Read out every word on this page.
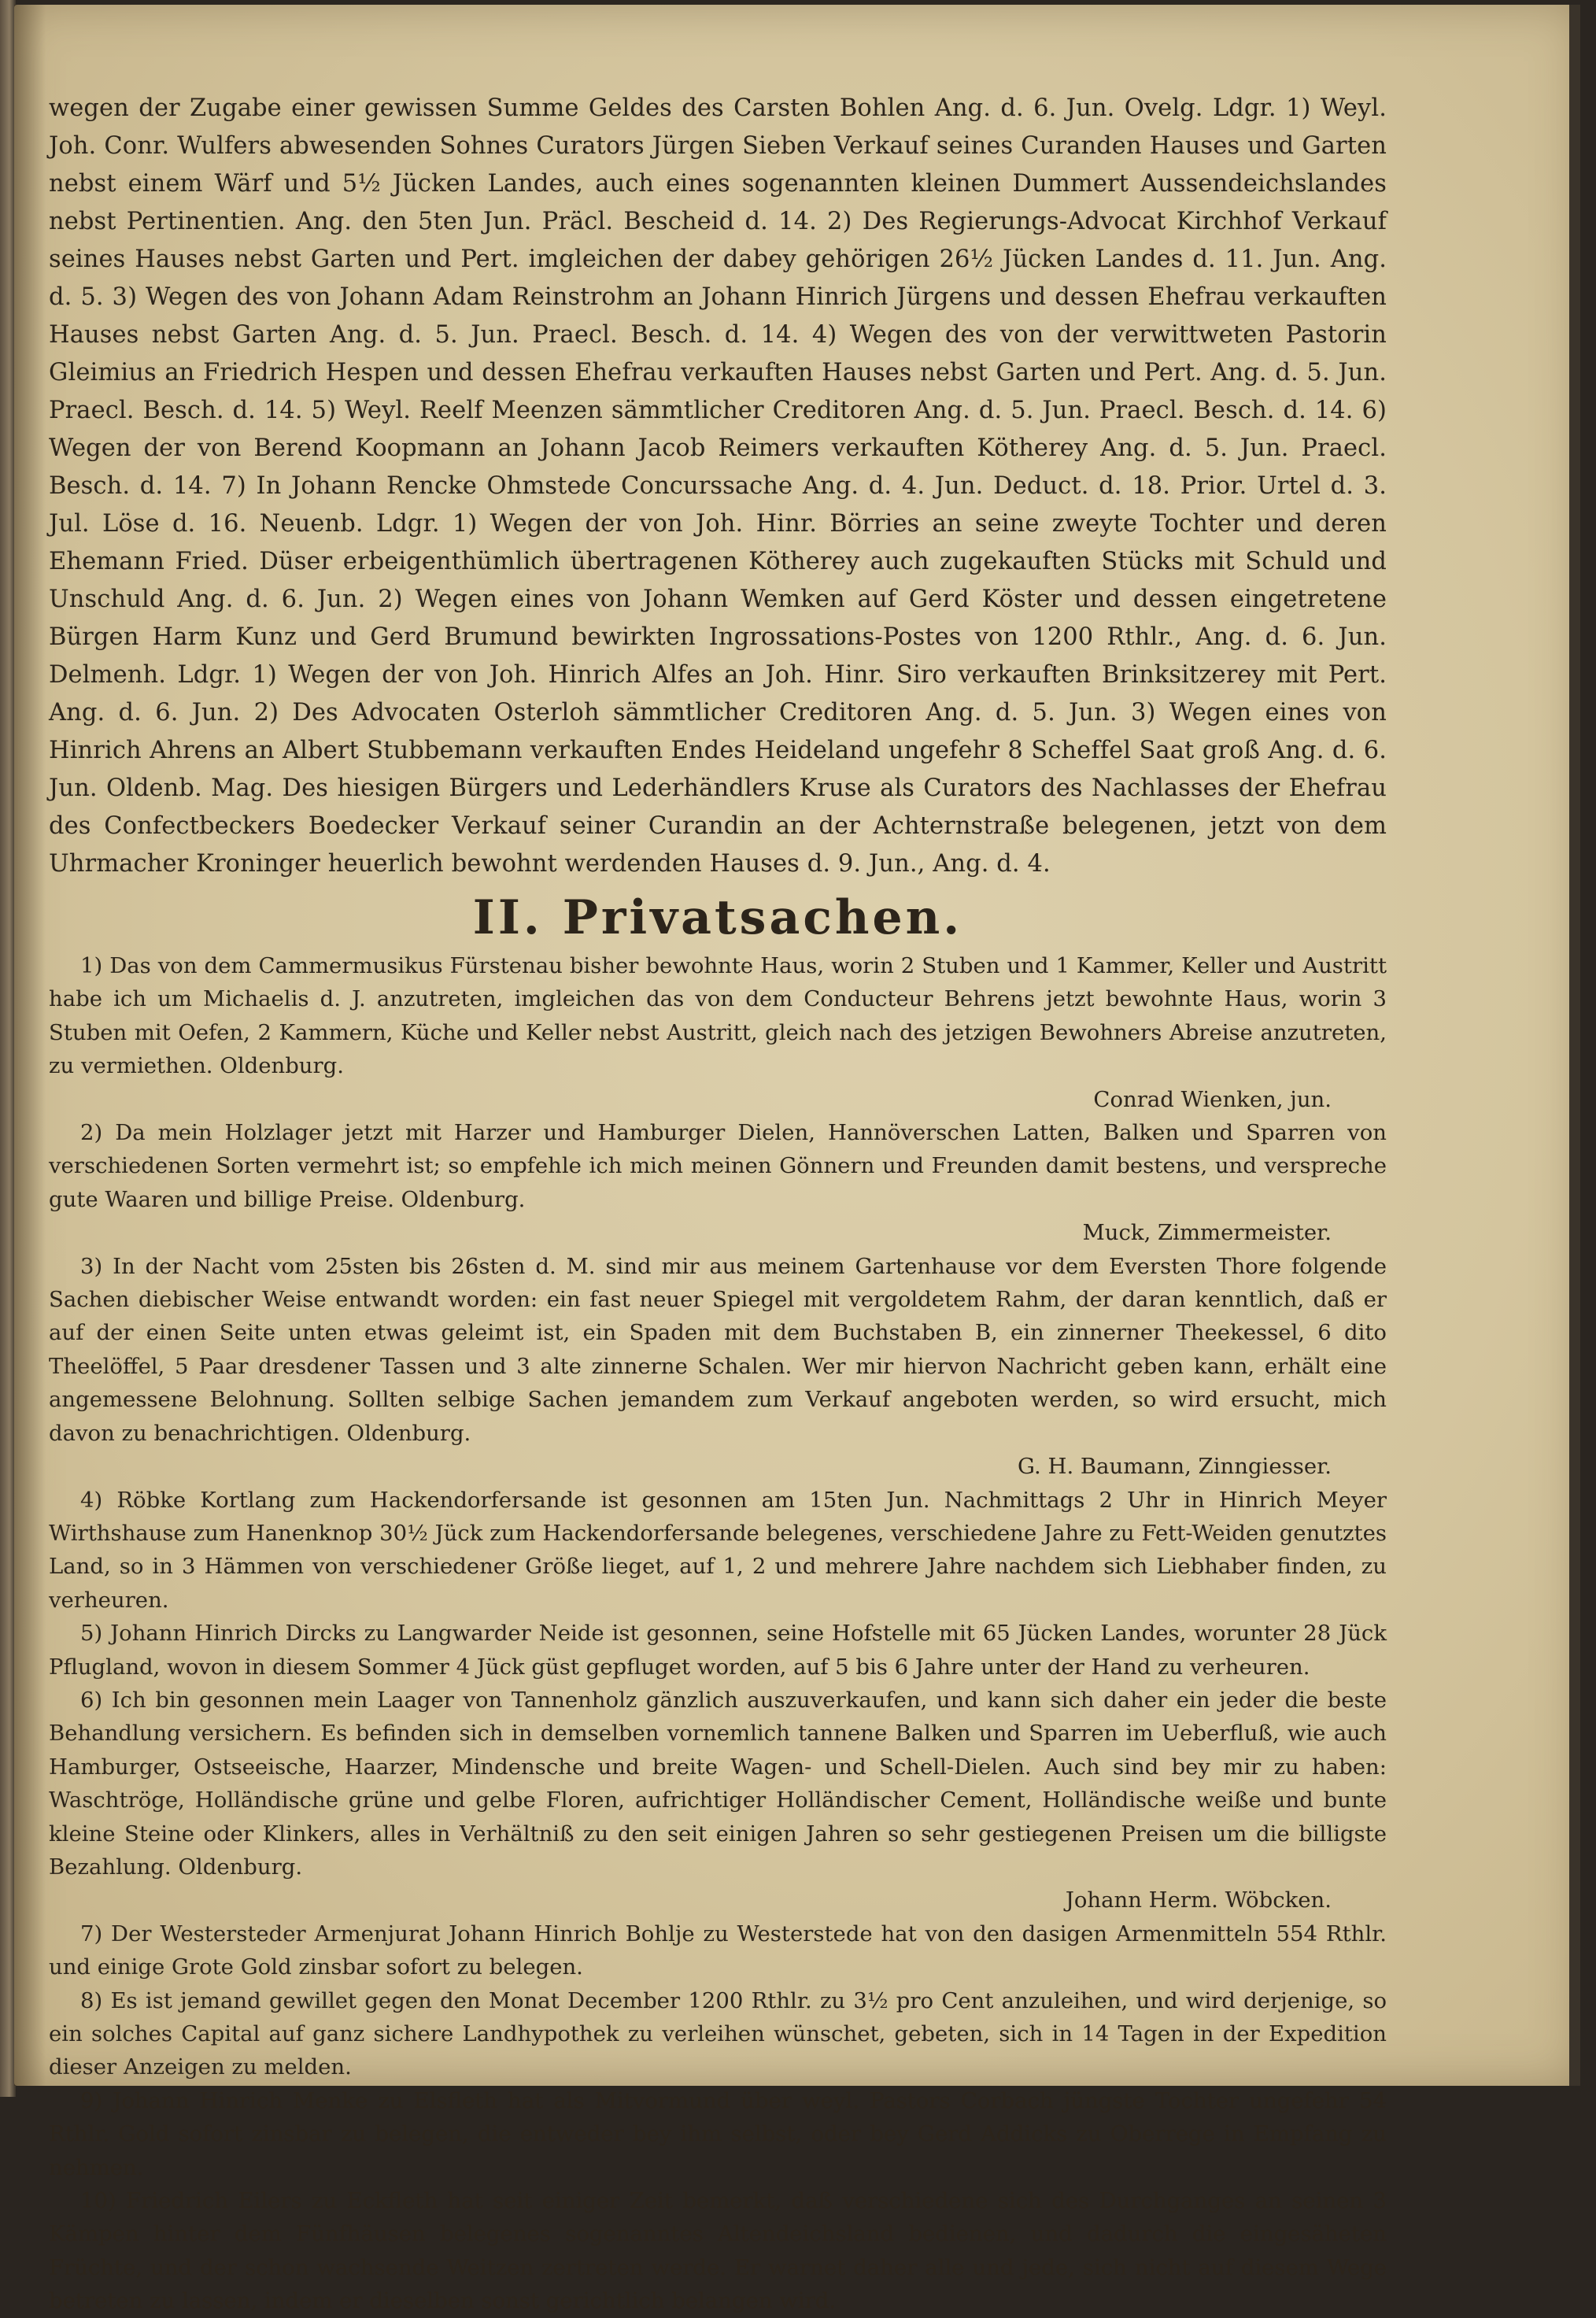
wegen der Zugabe einer gewissen Summe Geldes des Carsten Bohlen Ang. d. 6. Jun. Ovelg. Ldgr. 1) Weyl. Joh. Conr. Wulfers abwesenden Sohnes Curators Jürgen Sieben Verkauf seines Curanden Hauses und Garten nebst einem Wärf und 5½ Jücken Landes, auch eines sogenannten kleinen Dummert Aussendeichslandes nebst Pertinentien. Ang. den 5ten Jun. Präcl. Bescheid d. 14. 2) Des Regierungs-Advocat Kirchhof Verkauf seines Hauses nebst Garten und Pert. imgleichen der dabey gehörigen 26½ Jücken Landes d. 11. Jun. Ang. d. 5. 3) Wegen des von Johann Adam Reinstrohm an Johann Hinrich Jürgens und dessen Ehefrau verkauften Hauses nebst Garten Ang. d. 5. Jun. Praecl. Besch. d. 14. 4) Wegen des von der verwittweten Pastorin Gleimius an Friedrich Hespen und dessen Ehefrau verkauften Hauses nebst Garten und Pert. Ang. d. 5. Jun. Praecl. Besch. d. 14. 5) Weyl. Reelf Meenzen sämmtlicher Creditoren Ang. d. 5. Jun. Praecl. Besch. d. 14. 6) Wegen der von Berend Koopmann an Johann Jacob Reimers verkauften Kötherey Ang. d. 5. Jun. Praecl. Besch. d. 14. 7) In Johann Rencke Ohmstede Concurssache Ang. d. 4. Jun. Deduct. d. 18. Prior. Urtel d. 3. Jul. Löse d. 16. Neuenb. Ldgr. 1) Wegen der von Joh. Hinr. Börries an seine zweyte Tochter und deren Ehemann Fried. Düser erbeigenthümlich übertragenen Kötherey auch zugekauften Stücks mit Schuld und Unschuld Ang. d. 6. Jun. 2) Wegen eines von Johann Wemken auf Gerd Köster und dessen eingetretene Bürgen Harm Kunz und Gerd Brumund bewirkten Ingrossations-Postes von 1200 Rthlr., Ang. d. 6. Jun. Delmenh. Ldgr. 1) Wegen der von Joh. Hinrich Alfes an Joh. Hinr. Siro verkauften Brinksitzerey mit Pert. Ang. d. 6. Jun. 2) Des Advocaten Osterloh sämmtlicher Creditoren Ang. d. 5. Jun. 3) Wegen eines von Hinrich Ahrens an Albert Stubbemann verkauften Endes Heideland ungefehr 8 Scheffel Saat groß Ang. d. 6. Jun. Oldenb. Mag. Des hiesigen Bürgers und Lederhändlers Kruse als Curators des Nachlasses der Ehefrau des Confectbeckers Boedecker Verkauf seiner Curandin an der Achternstraße belegenen, jetzt von dem Uhrmacher Kroninger heuerlich bewohnt werdenden Hauses d. 9. Jun., Ang. d. 4.

II. Privatsachen.

1) Das von dem Cammermusikus Fürstenau bisher bewohnte Haus, worin 2 Stuben und 1 Kammer, Keller und Austritt habe ich um Michaelis d. J. anzutreten, imgleichen das von dem Conducteur Behrens jetzt bewohnte Haus, worin 3 Stuben mit Oefen, 2 Kammern, Küche und Keller nebst Austritt, gleich nach des jetzigen Bewohners Abreise anzutreten, zu vermiethen. Oldenburg.
Conrad Wienken, jun.

2) Da mein Holzlager jetzt mit Harzer und Hamburger Dielen, Hannöverschen Latten, Balken und Sparren von verschiedenen Sorten vermehrt ist; so empfehle ich mich meinen Gönnern und Freunden damit bestens, und verspreche gute Waaren und billige Preise. Oldenburg.
Muck, Zimmermeister.

3) In der Nacht vom 25sten bis 26sten d. M. sind mir aus meinem Gartenhause vor dem Eversten Thore folgende Sachen diebischer Weise entwandt worden: ein fast neuer Spiegel mit vergoldetem Rahm, der daran kenntlich, daß er auf der einen Seite unten etwas geleimt ist, ein Spaden mit dem Buchstaben B, ein zinnerner Theekessel, 6 dito Theelöffel, 5 Paar dresdener Tassen und 3 alte zinnerne Schalen. Wer mir hiervon Nachricht geben kann, erhält eine angemessene Belohnung. Sollten selbige Sachen jemandem zum Verkauf angeboten werden, so wird ersucht, mich davon zu benachrichtigen. Oldenburg.
G. H. Baumann, Zinngiesser.

4) Röbke Kortlang zum Hackendorfersande ist gesonnen am 15ten Jun. Nachmittags 2 Uhr in Hinrich Meyer Wirthshause zum Hanenknop 30½ Jück zum Hackendorfersande belegenes, verschiedene Jahre zu Fett-Weiden genutztes Land, so in 3 Hämmen von verschiedener Größe lieget, auf 1, 2 und mehrere Jahre nachdem sich Liebhaber finden, zu verheuren.

5) Johann Hinrich Dircks zu Langwarder Neide ist gesonnen, seine Hofstelle mit 65 Jücken Landes, worunter 28 Jück Pflugland, wovon in diesem Sommer 4 Jück güst gepfluget worden, auf 5 bis 6 Jahre unter der Hand zu verheuren.

6) Ich bin gesonnen mein Laager von Tannenholz gänzlich auszuverkaufen, und kann sich daher ein jeder die beste Behandlung versichern. Es befinden sich in demselben vornemlich tannene Balken und Sparren im Ueberfluß, wie auch Hamburger, Ostseeische, Haarzer, Mindensche und breite Wagen- und Schell-Dielen. Auch sind bey mir zu haben: Waschtröge, Holländische grüne und gelbe Floren, aufrichtiger Holländischer Cement, Holländische weiße und bunte kleine Steine oder Klinkers, alles in Verhältniß zu den seit einigen Jahren so sehr gestiegenen Preisen um die billigste Bezahlung. Oldenburg.
Johann Herm. Wöbcken.

7) Der Westersteder Armenjurat Johann Hinrich Bohlje zu Westerstede hat von den dasigen Armenmitteln 554 Rthlr. und einige Grote Gold zinsbar sofort zu belegen.

8) Es ist jemand gewillet gegen den Monat December 1200 Rthlr. zu 3½ pro Cent anzuleihen, und wird derjenige, so ein solches Capital auf ganz sichere Landhypothek zu verleihen wünschet, gebeten, sich in 14 Tagen in der Expedition dieser Anzeigen zu melden.

9) Johann Hinrich Menke zu Elsfleth hat als Mitvormund über weyl. Pastors Corbach jüngste Tochter ungefehr 54 Rthlr. Gold sofort zinsbar zu belegen, die entweder bey ihm selbst, oder bey Gerd Addicks zu Oberrege in Empfang zu nehmen.

10) Friedrich Eilers zu Eckfleth hat seit einiger Zeit bemerkt, daß verschiedene sich des Durchganges an seinen 3 Kämpen hinter dem Fünfhäusen belegenes sogenanntes Altendeichsland bedienen, und dadurch die eingesäheten Früchte, und der schon wachsende Weitzen zertreten werde. Er warnet daher alle und jede, sich nicht auf diesem Wege betreten zu lassen, indem er dieselben sonst gerichtlich belangen wird.
